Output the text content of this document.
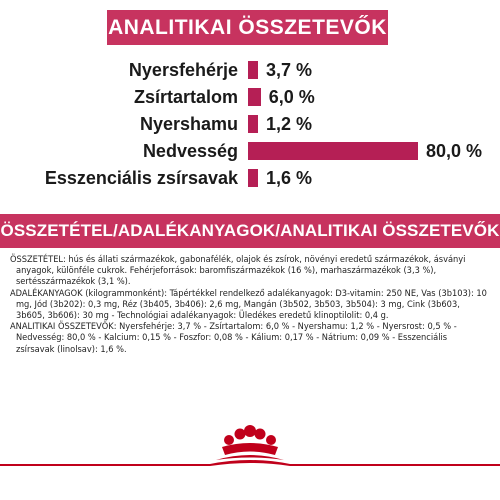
ANALITIKAI ÖSSZETEVŐK
Nyersfehérje 3,7 %
Zsírtartalom 6,0 %
Nyershamu 1,2 %
Nedvesség	80,0 %
Esszenciális zsírsavak 1,6 %
ÖSSZETÉTEL/ADALÉKANYAGOK/ANALITIKAI ÖSSZETEVŐK

ÖSSZETÉTEL: hús és állati származékok, gabonafélék, olajok és zsírok, növényi eredetű származékok, ásványi anyagok, különféle cukrok. Fehérjeforrások: baromfiszármazékok (16 %), marhaszármazékok (3,3 %), sertésszármazékok (3,1 %).

ADALÉKANYAGOK (kilogrammonként): Tápértékkel rendelkező adalékanyagok: D3-vitamin: 250 NE, Vas (3b103): 10 mg, Jód (3b202): 0,3 mg, Réz (3b405, 3b406): 2,6 mg, Mangán (3b502, 3b503, 3b504): 3 mg, Cink (3b603, 3b605, 3b606): 30 mg - Technológiai adalékanyagok: Üledékes eredetű klinoptilolit: 0,4 g.

ANALITIKAI ÖSSZETEVŐK: Nyersfehérje: 3,7 % - Zsírtartalom: 6,0 % - Nyershamu: 1,2 % - Nyersrost: 0,5 % - Nedvesség: 80,0 % - Kalcium: 0,15 % - Foszfor: 0,08 % - Kálium: 0,17 % - Nátrium: 0,09 % - Esszenciális zsírsavak (linolsav): 1,6 %.
